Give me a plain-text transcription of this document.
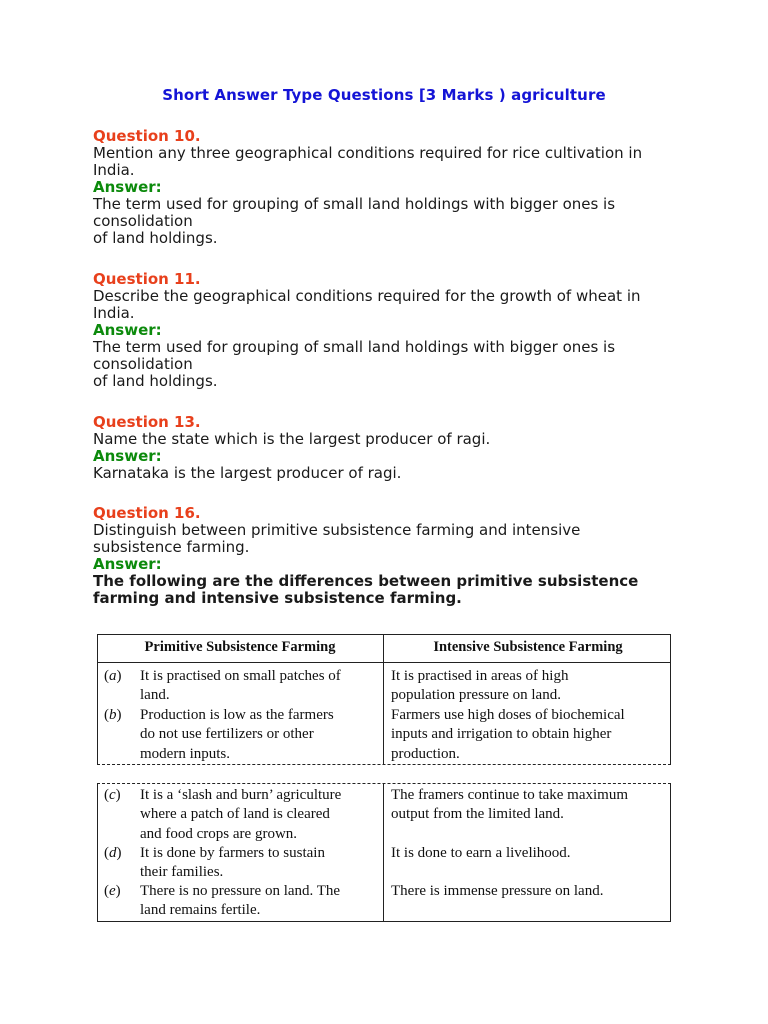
Short Answer Type Questions [3 Marks ) agriculture
Question 10.
Mention any three geographical conditions required for rice cultivation in
India.
Answer:
The term used for grouping of small land holdings with bigger ones is
consolidation
of land holdings.
Question 11.
Describe the geographical conditions required for the growth of wheat in
India.
Answer:
The term used for grouping of small land holdings with bigger ones is
consolidation
of land holdings.
Question 13.
Name the state which is the largest producer of ragi.
Answer:
Karnataka is the largest producer of ragi.
Question 16.
Distinguish between primitive subsistence farming and intensive
subsistence farming.
Answer:
The following are the differences between primitive subsistence
farming and intensive subsistence farming.
Primitive Subsistence Farming	Intensive Subsistence Farming
(a) It is practised on small patches of
land.
It is practised in areas of high
population pressure on land.
(b) Production is low as the farmers
do not use fertilizers or other
modern inputs.
Farmers use high doses of biochemical
inputs and irrigation to obtain higher
production.
(c) It is a ‘slash and burn’ agriculture
where a patch of land is cleared
and food crops are grown.
The framers continue to take maximum
output from the limited land.
(d) It is done by farmers to sustain
their families.
It is done to earn a livelihood.
(e) There is no pressure on land. The
land remains fertile.
There is immense pressure on land.
